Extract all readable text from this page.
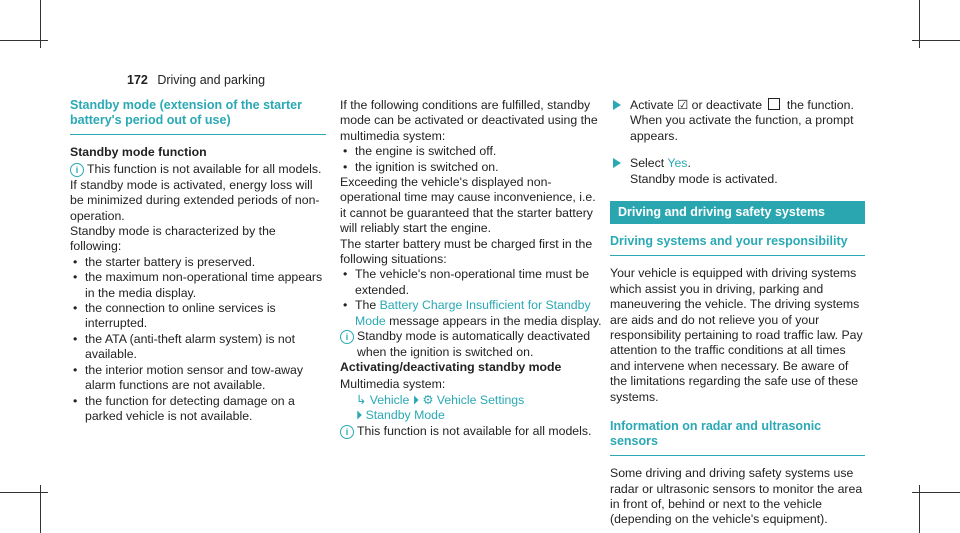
172 Driving and parking
Standby mode (extension of the starter battery's period out of use)

Standby mode function

i This function is not available for all models.

If standby mode is activated, energy loss will be minimized during extended periods of non-operation.

Standby mode is characterized by the following:

• the starter battery is preserved.
• the maximum non-operational time appears in the media display.
• the connection to online services is interrupted.
• the ATA (anti-theft alarm system) is not available.
• the interior motion sensor and tow-away alarm functions are not available.
• the function for detecting damage on a parked vehicle is not available.

If the following conditions are fulfilled, standby mode can be activated or deactivated using the multimedia system:

• the engine is switched off.
• the ignition is switched on.

Exceeding the vehicle's displayed non-operational time may cause inconvenience, i.e. it cannot be guaranteed that the starter battery will reliably start the engine.

The starter battery must be charged first in the following situations:

• The vehicle's non-operational time must be extended.
• The Battery Charge Insufficient for Standby Mode message appears in the media display.
i Standby mode is automatically deactivated when the ignition is switched on.

Activating/deactivating standby mode

Multimedia system:

↳ Vehicle ⏵ ⚙ Vehicle Settings

⏵ Standby Mode

i This function is not available for all models.
Activate ☑ or deactivate the function.
When you activate the function, a prompt appears.
Select Yes.
Standby mode is activated.
Driving and driving safety systems
Driving systems and your responsibility

Your vehicle is equipped with driving systems which assist you in driving, parking and maneuvering the vehicle. The driving systems are aids and do not relieve you of your responsibility pertaining to road traffic law. Pay attention to the traffic conditions at all times and intervene when necessary. Be aware of the limitations regarding the safe use of these systems.

Information on radar and ultrasonic sensors

Some driving and driving safety systems use radar or ultrasonic sensors to monitor the area in front of, behind or next to the vehicle (depending on the vehicle's equipment).
